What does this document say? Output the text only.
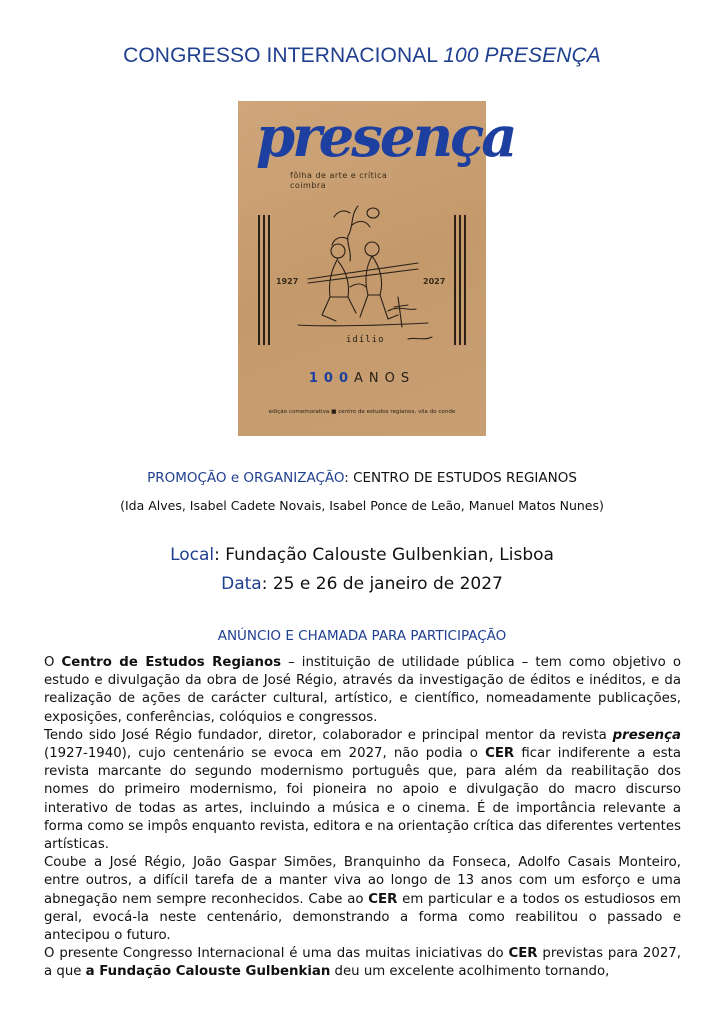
CONGRESSO INTERNACIONAL 100 PRESENÇA
presença
fôlha de arte e crítica
coimbra
1927	2027
idílio
100ANOS
edição comemorativa ■ centro de estudos regianos, vila do conde
PROMOÇÃO e ORGANIZAÇÃO: CENTRO DE ESTUDOS REGIANOS
(Ida Alves, Isabel Cadete Novais, Isabel Ponce de Leão, Manuel Matos Nunes)
Local: Fundação Calouste Gulbenkian, Lisboa
Data: 25 e 26 de janeiro de 2027
ANÚNCIO E CHAMADA PARA PARTICIPAÇÃO

O Centro de Estudos Regianos – instituição de utilidade pública – tem como objetivo o estudo e divulgação da obra de José Régio, através da investigação de éditos e inéditos, e da realização de ações de carácter cultural, artístico, e científico, nomeadamente publicações, exposições, conferências, colóquios e congressos.

Tendo sido José Régio fundador, diretor, colaborador e principal mentor da revista presença (1927-1940), cujo centenário se evoca em 2027, não podia o CER ficar indiferente a esta revista marcante do segundo modernismo português que, para além da reabilitação dos nomes do primeiro modernismo, foi pioneira no apoio e divulgação do macro discurso interativo de todas as artes, incluindo a música e o cinema. É de importância relevante a forma como se impôs enquanto revista, editora e na orientação crítica das diferentes vertentes artísticas.

Coube a José Régio, João Gaspar Simões, Branquinho da Fonseca, Adolfo Casais Monteiro, entre outros, a difícil tarefa de a manter viva ao longo de 13 anos com um esforço e uma abnegação nem sempre reconhecidos. Cabe ao CER em particular e a todos os estudiosos em geral, evocá-la neste centenário, demonstrando a forma como reabilitou o passado e antecipou o futuro.

O presente Congresso Internacional é uma das muitas iniciativas do CER previstas para 2027, a que a Fundação Calouste Gulbenkian deu um excelente acolhimento tornando,
